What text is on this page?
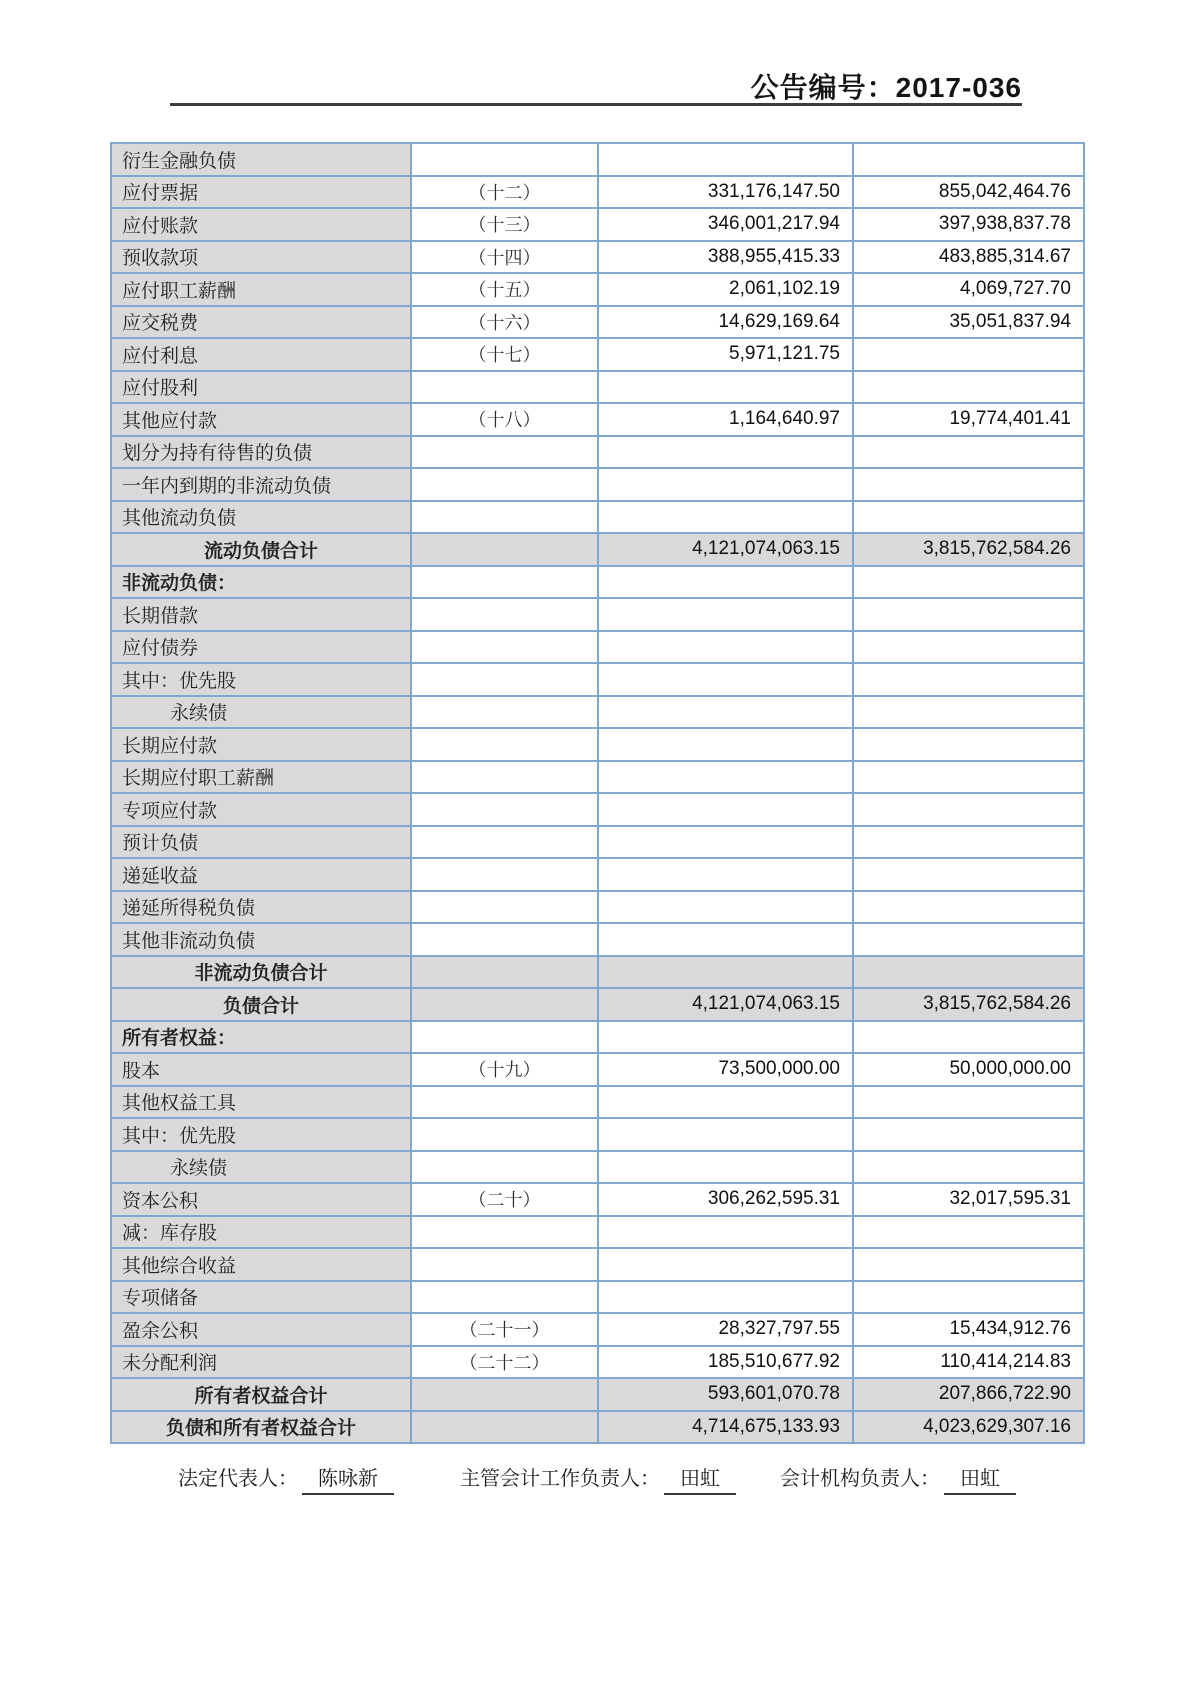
公告编号：2017-036
衍生金融负债			
应付票据	（十二）	331,176,147.50	855,042,464.76
应付账款	（十三）	346,001,217.94	397,938,837.78
预收款项	（十四）	388,955,415.33	483,885,314.67
应付职工薪酬	（十五）	2,061,102.19	4,069,727.70
应交税费	（十六）	14,629,169.64	35,051,837.94
应付利息	（十七）	5,971,121.75	
应付股利			
其他应付款	（十八）	1,164,640.97	19,774,401.41
划分为持有待售的负债			
一年内到期的非流动负债			
其他流动负债			
流动负债合计		4,121,074,063.15	3,815,762,584.26
非流动负债：			
长期借款			
应付债券			
其中：优先股			
永续债			
长期应付款			
长期应付职工薪酬			
专项应付款			
预计负债			
递延收益			
递延所得税负债			
其他非流动负债			
非流动负债合计			
负债合计		4,121,074,063.15	3,815,762,584.26
所有者权益：			
股本	（十九）	73,500,000.00	50,000,000.00
其他权益工具			
其中：优先股			
永续债			
资本公积	（二十）	306,262,595.31	32,017,595.31
减：库存股			
其他综合收益			
专项储备			
盈余公积	（二十一）	28,327,797.55	15,434,912.76
未分配利润	（二十二）	185,510,677.92	110,414,214.83
所有者权益合计		593,601,070.78	207,866,722.90
负债和所有者权益合计		4,714,675,133.93	4,023,629,307.16
法定代表人： 陈咏新	主管会计工作负责人： 田虹	会计机构负责人： 田虹
